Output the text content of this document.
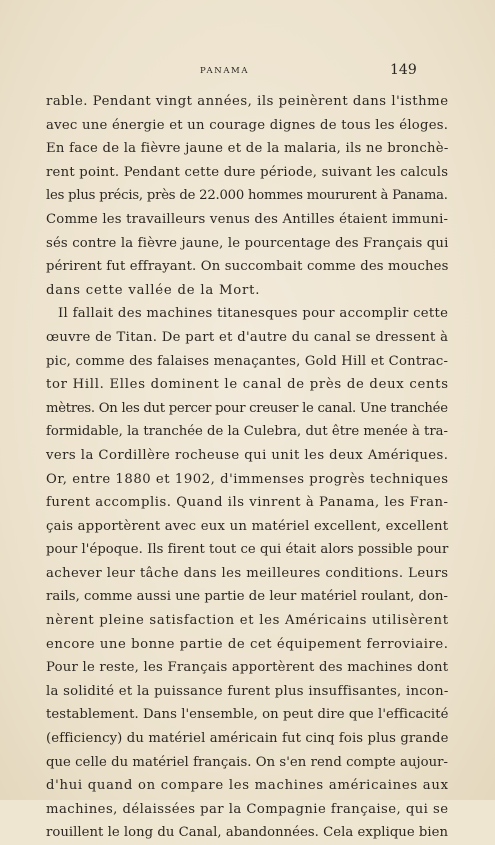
PANAMA	149
rable. Pendant vingt années, ils peinèrent dans l'isthme
avec une énergie et un courage dignes de tous les éloges.
En face de la fièvre jaune et de la malaria, ils ne bronchè-
rent point. Pendant cette dure période, suivant les calculs
les plus précis, près de 22.000 hommes moururent à Panama.
Comme les travailleurs venus des Antilles étaient immuni-
sés contre la fièvre jaune, le pourcentage des Français qui
périrent fut effrayant. On succombait comme des mouches
dans cette vallée de la Mort.
Il fallait des machines titanesques pour accomplir cette
œuvre de Titan. De part et d'autre du canal se dressent à
pic, comme des falaises menaçantes, Gold Hill et Contrac-
tor Hill. Elles dominent le canal de près de deux cents
mètres. On les dut percer pour creuser le canal. Une tranchée
formidable, la tranchée de la Culebra, dut être menée à tra-
vers la Cordillère rocheuse qui unit les deux Amériques.
Or, entre 1880 et 1902, d'immenses progrès techniques
furent accomplis. Quand ils vinrent à Panama, les Fran-
çais apportèrent avec eux un matériel excellent, excellent
pour l'époque. Ils firent tout ce qui était alors possible pour
achever leur tâche dans les meilleures conditions. Leurs
rails, comme aussi une partie de leur matériel roulant, don-
nèrent pleine satisfaction et les Américains utilisèrent
encore une bonne partie de cet équipement ferroviaire.
Pour le reste, les Français apportèrent des machines dont
la solidité et la puissance furent plus insuffisantes, incon-
testablement. Dans l'ensemble, on peut dire que l'efficacité
(efficiency) du matériel américain fut cinq fois plus grande
que celle du matériel français. On s'en rend compte aujour-
d'hui quand on compare les machines américaines aux
machines, délaissées par la Compagnie française, qui se
rouillent le long du Canal, abandonnées. Cela explique bien
